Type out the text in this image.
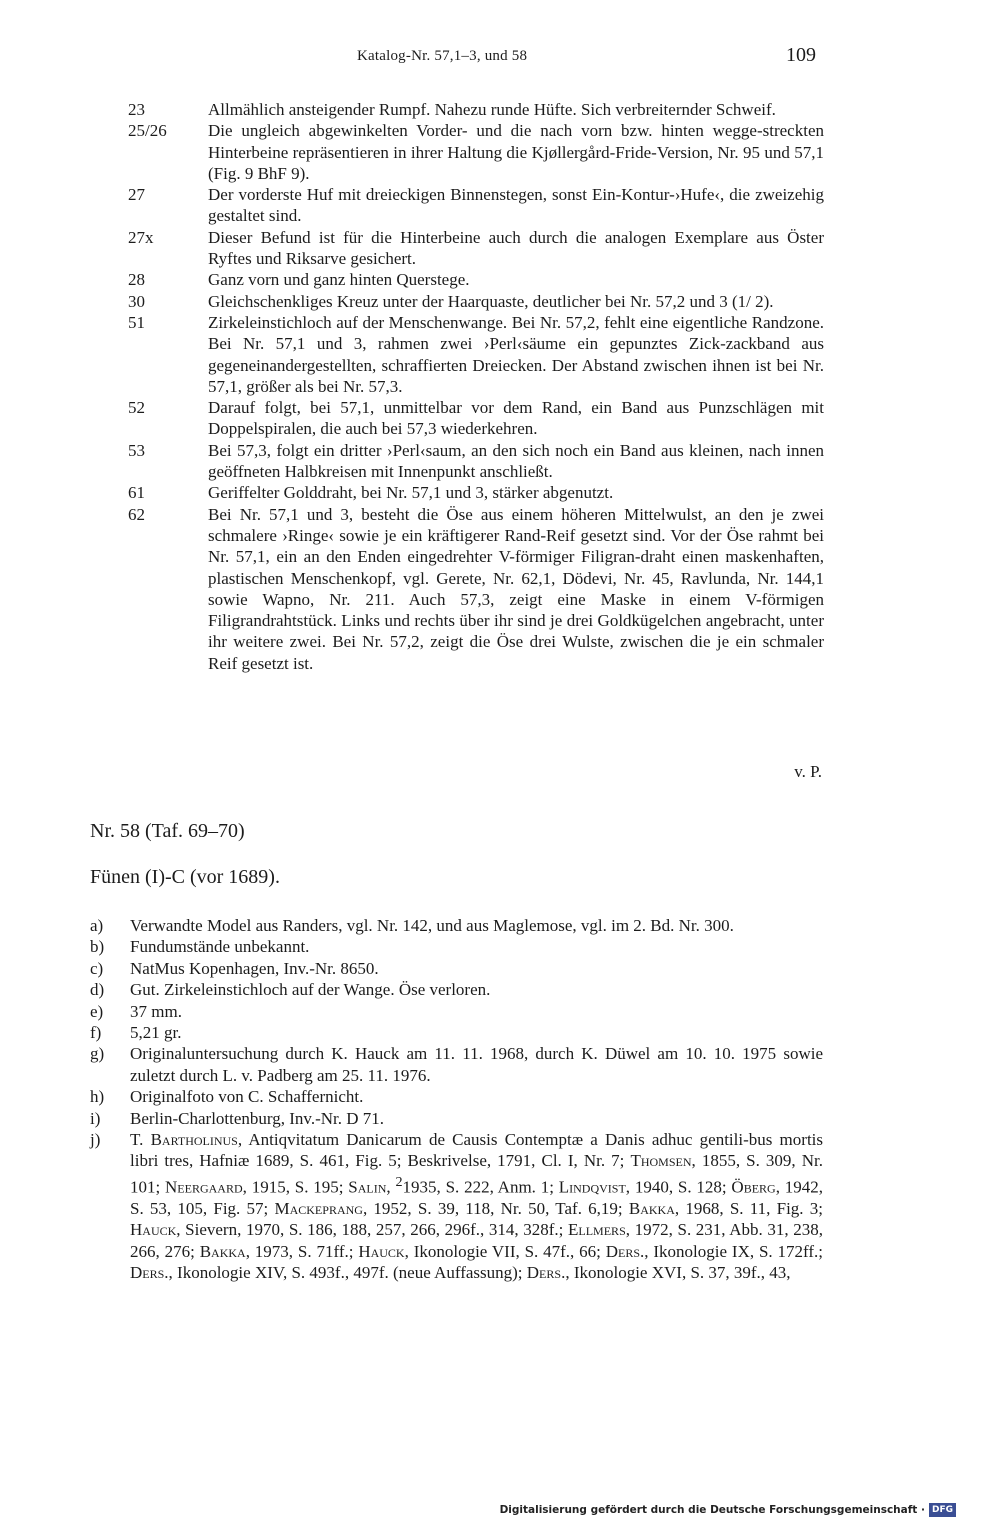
Katalog-Nr. 57,1–3, und 58	109
23	Allmählich ansteigender Rumpf. Nahezu runde Hüfte. Sich verbreiternder Schweif.
25/26	Die ungleich abgewinkelten Vorder- und die nach vorn bzw. hinten wegge-streckten Hinterbeine repräsentieren in ihrer Haltung die Kjøllergård-Fride-Version, Nr. 95 und 57,1 (Fig. 9 BhF 9).
27	Der vorderste Huf mit dreieckigen Binnenstegen, sonst Ein-Kontur-›Hufe‹, die zweizehig gestaltet sind.
27x	Dieser Befund ist für die Hinterbeine auch durch die analogen Exemplare aus Öster Ryftes und Riksarve gesichert.
28	Ganz vorn und ganz hinten Querstege.
30	Gleichschenkliges Kreuz unter der Haarquaste, deutlicher bei Nr. 57,2 und 3 (1/ 2).
51	Zirkeleinstichloch auf der Menschenwange. Bei Nr. 57,2, fehlt eine eigentliche Randzone. Bei Nr. 57,1 und 3, rahmen zwei ›Perl‹säume ein gepunztes Zick-zackband aus gegeneinandergestellten, schraffierten Dreiecken. Der Abstand zwischen ihnen ist bei Nr. 57,1, größer als bei Nr. 57,3.
52	Darauf folgt, bei 57,1, unmittelbar vor dem Rand, ein Band aus Punzschlägen mit Doppelspiralen, die auch bei 57,3 wiederkehren.
53	Bei 57,3, folgt ein dritter ›Perl‹saum, an den sich noch ein Band aus kleinen, nach innen geöffneten Halbkreisen mit Innenpunkt anschließt.
61	Geriffelter Golddraht, bei Nr. 57,1 und 3, stärker abgenutzt.
62	Bei Nr. 57,1 und 3, besteht die Öse aus einem höheren Mittelwulst, an den je zwei schmalere ›Ringe‹ sowie je ein kräftigerer Rand-Reif gesetzt sind. Vor der Öse rahmt bei Nr. 57,1, ein an den Enden eingedrehter V-förmiger Filigran-draht einen maskenhaften, plastischen Menschenkopf, vgl. Gerete, Nr. 62,1, Dödevi, Nr. 45, Ravlunda, Nr. 144,1 sowie Wapno, Nr. 211. Auch 57,3, zeigt eine Maske in einem V-förmigen Filigrandrahtstück. Links und rechts über ihr sind je drei Goldkügelchen angebracht, unter ihr weitere zwei. Bei Nr. 57,2, zeigt die Öse drei Wulste, zwischen die je ein schmaler Reif gesetzt ist.
v. P.
Nr. 58 (Taf. 69–70)
Fünen (I)-C (vor 1689).
a)	Verwandte Model aus Randers, vgl. Nr. 142, und aus Maglemose, vgl. im 2. Bd. Nr. 300.
b)	Fundumstände unbekannt.
c)	NatMus Kopenhagen, Inv.-Nr. 8650.
d)	Gut. Zirkeleinstichloch auf der Wange. Öse verloren.
e)	37 mm.
f)	5,21 gr.
g)	Originaluntersuchung durch K. Hauck am 11. 11. 1968, durch K. Düwel am 10. 10. 1975 sowie zuletzt durch L. v. Padberg am 25. 11. 1976.
h)	Originalfoto von C. Schaffernicht.
i)	Berlin-Charlottenburg, Inv.-Nr. D 71.
j)	T. Bartholinus, Antiqvitatum Danicarum de Causis Contemptæ a Danis adhuc gentili-bus mortis libri tres, Hafniæ 1689, S. 461, Fig. 5; Beskrivelse, 1791, Cl. I, Nr. 7; Thomsen, 1855, S. 309, Nr. 101; Neergaard, 1915, S. 195; Salin, $^2$1935, S. 222, Anm. 1; Lindqvist, 1940, S. 128; Öberg, 1942, S. 53, 105, Fig. 57; Mackeprang, 1952, S. 39, 118, Nr. 50, Taf. 6,19; Bakka, 1968, S. 11, Fig. 3; Hauck, Sievern, 1970, S. 186, 188, 257, 266, 296f., 314, 328f.; Ellmers, 1972, S. 231, Abb. 31, 238, 266, 276; Bakka, 1973, S. 71ff.; Hauck, Ikonologie VII, S. 47f., 66; Ders., Ikonologie IX, S. 172ff.; Ders., Ikonologie XIV, S. 493f., 497f. (neue Auffassung); Ders., Ikonologie XVI, S. 37, 39f., 43,
Digitalisierung gefördert durch die Deutsche Forschungsgemeinschaft · DFG
